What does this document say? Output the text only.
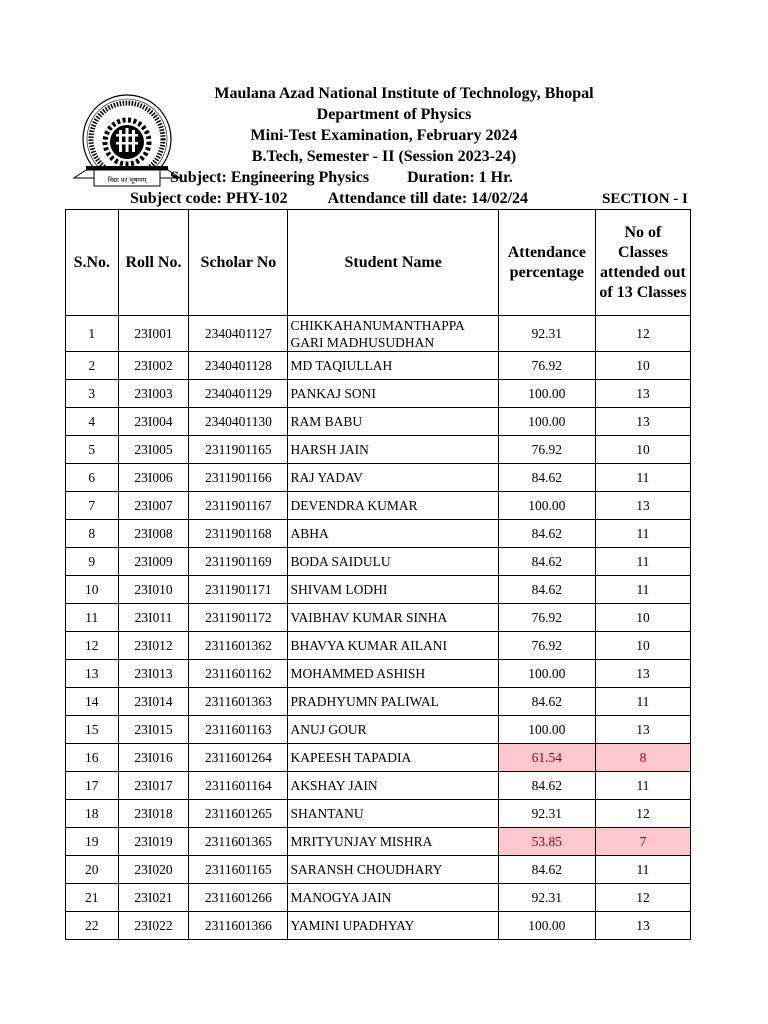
विद्या परं भूषणम्
Maulana Azad National Institute of Technology, Bhopal
Department of Physics
Mini-Test Examination, February 2024
B.Tech, Semester - II (Session 2023-24)
Subject: Engineering Physics Duration: 1 Hr.
Subject code: PHY-102	Attendance till date: 14/02/24	SECTION - I
S.No.	Roll No.	Scholar No	Student Name	Attendance percentage	No of Classes attended out of 13 Classes
1	23I001	2340401127	CHIKKAHANUMANTHAPPA GARI MADHUSUDHAN	92.31	12
2	23I002	2340401128	MD TAQIULLAH	76.92	10
3	23I003	2340401129	PANKAJ SONI	100.00	13
4	23I004	2340401130	RAM BABU	100.00	13
5	23I005	2311901165	HARSH JAIN	76.92	10
6	23I006	2311901166	RAJ YADAV	84.62	11
7	23I007	2311901167	DEVENDRA KUMAR	100.00	13
8	23I008	2311901168	ABHA	84.62	11
9	23I009	2311901169	BODA SAIDULU	84.62	11
10	23I010	2311901171	SHIVAM LODHI	84.62	11
11	23I011	2311901172	VAIBHAV KUMAR SINHA	76.92	10
12	23I012	2311601362	BHAVYA KUMAR AILANI	76.92	10
13	23I013	2311601162	MOHAMMED ASHISH	100.00	13
14	23I014	2311601363	PRADHYUMN PALIWAL	84.62	11
15	23I015	2311601163	ANUJ GOUR	100.00	13
16	23I016	2311601264	KAPEESH TAPADIA	61.54	8
17	23I017	2311601164	AKSHAY JAIN	84.62	11
18	23I018	2311601265	SHANTANU	92.31	12
19	23I019	2311601365	MRITYUNJAY MISHRA	53.85	7
20	23I020	2311601165	SARANSH CHOUDHARY	84.62	11
21	23I021	2311601266	MANOGYA JAIN	92.31	12
22	23I022	2311601366	YAMINI UPADHYAY	100.00	13
